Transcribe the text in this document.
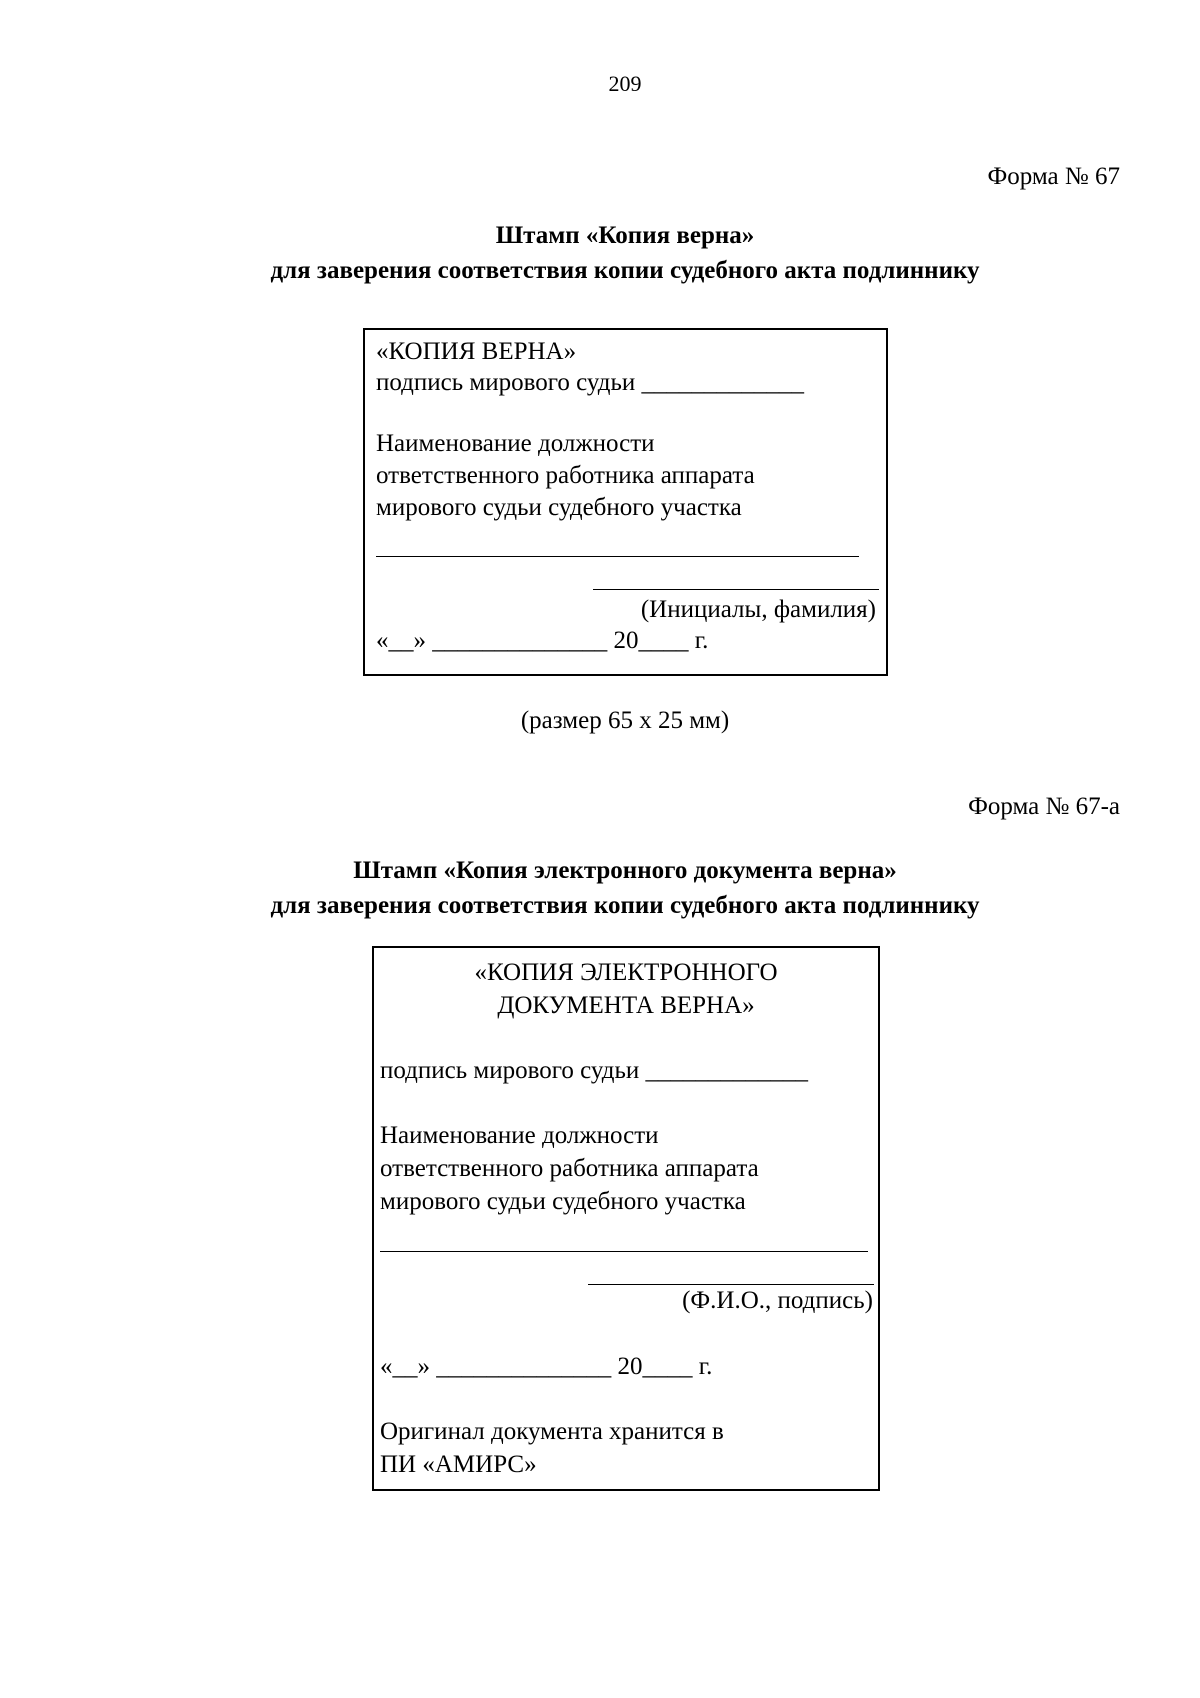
209
Форма № 67
Штамп «Копия верна»
для заверения соответствия копии судебного акта подлиннику
«КОПИЯ ВЕРНА»
подпись мирового судьи _____________
Наименование должности
ответственного работника аппарата
мирового судьи судебного участка
(Инициалы, фамилия)
«__» ______________ 20____ г.
(размер 65 х 25 мм)
Форма № 67-а
Штамп «Копия электронного документа верна»
для заверения соответствия копии судебного акта подлиннику
«КОПИЯ ЭЛЕКТРОННОГО
ДОКУМЕНТА ВЕРНА»
подпись мирового судьи _____________
Наименование должности
ответственного работника аппарата
мирового судьи судебного участка
(Ф.И.О., подпись)
«__» ______________ 20____ г.
Оригинал документа хранится в
ПИ «АМИРС»
